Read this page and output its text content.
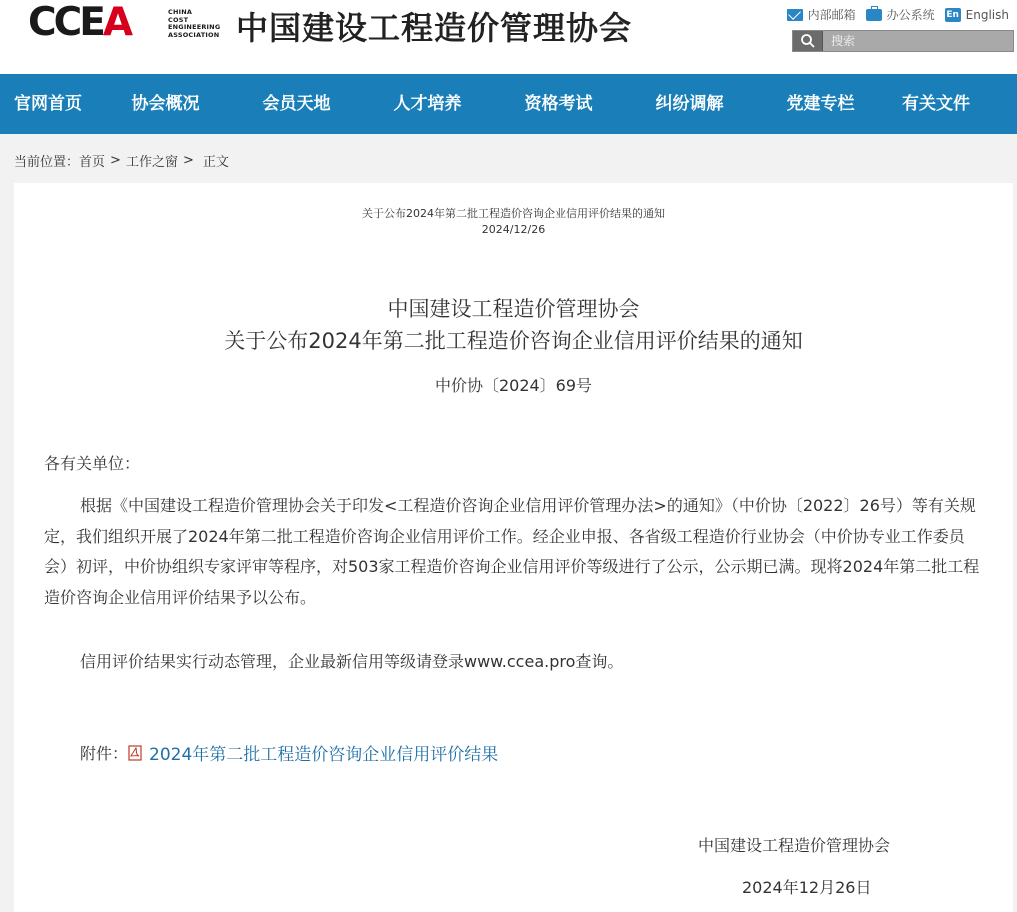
CCEA	CHINA
COST
ENGINEERING
ASSOCIATION 中国建设工程造价管理协会	内部邮箱	办公系统 En English
搜索
官网首页	协会概况	会员天地	人才培养	资格考试	纠纷调解	党建专栏	有关文件
当前位置： 首页 > 工作之窗 > 正文
关于公布2024年第二批工程造价咨询企业信用评价结果的通知
2024/12/26
中国建设工程造价管理协会
关于公布2024年第二批工程造价咨询企业信用评价结果的通知
中价协〔2024〕69号
各有关单位：

根据《中国建设工程造价管理协会关于印发<工程造价咨询企业信用评价管理办法>的通知》（中价协〔2022〕26号）等有关规定，我们组织开展了2024年第二批工程造价咨询企业信用评价工作。经企业申报、各省级工程造价行业协会（中价协专业工作委员会）初评，中价协组织专家评审等程序，对503家工程造价咨询企业信用评价等级进行了公示，公示期已满。现将2024年第二批工程造价咨询企业信用评价结果予以公布。

信用评价结果实行动态管理，企业最新信用等级请登录www.ccea.pro查询。

附件： 2024年第二批工程造价咨询企业信用评价结果
中国建设工程造价管理协会
2024年12月26日
